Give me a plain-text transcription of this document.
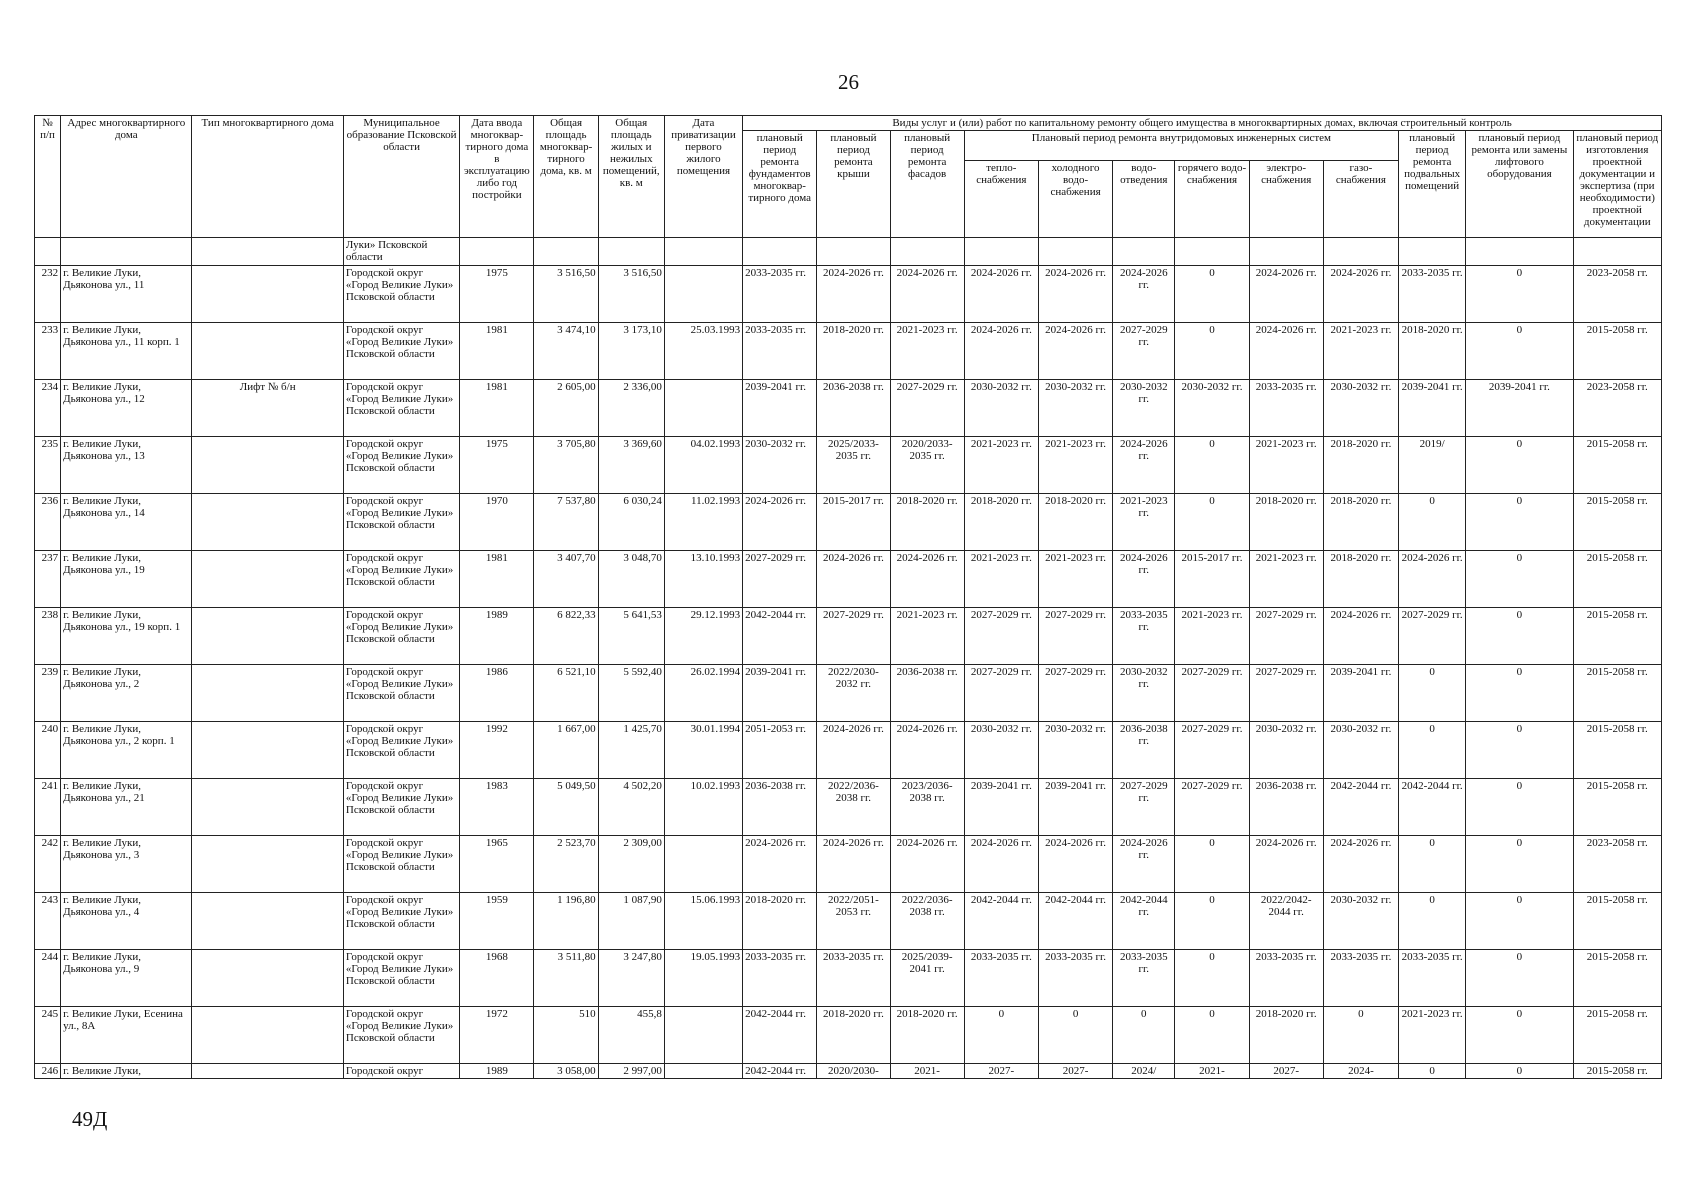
26
№ п/п	Адрес многоквартирного дома	Тип многоквартирного дома	Муниципальное образование Псковской области	Дата ввода многоквар-тирного дома в эксплуатацию либо год постройки	Общая площадь многоквар-тирного дома, кв. м	Общая площадь жилых и нежилых помещений, кв. м	Дата приватизации первого жилого помещения	Виды услуг и (или) работ по капитальному ремонту общего имущества в многоквартирных домах, включая строительный контроль											
								плановый период ремонта фундаментов многоквар-тирного дома	плановый период ремонта крыши	плановый период ремонта фасадов	Плановый период ремонта внутридомовых инженерных систем						плановый период ремонта подвальных помещений	плановый период ремонта или замены лифтового оборудования	плановый период изготовления проектной документации и экспертиза (при необходимости) проектной документации
											тепло-снабжения	холодного водо-снабжения	водо-отведения	горячего водо-снабжения	электро-снабжения	газо-снабжения			
			Луки» Псковской области																
232	г. Великие Луки, Дьяконова ул., 11		Городской округ «Город Великие Луки» Псковской области	1975	3 516,50	3 516,50		2033-2035 гг.	2024-2026 гг.	2024-2026 гг.	2024-2026 гг.	2024-2026 гг.	2024-2026 гг.	0	2024-2026 гг.	2024-2026 гг.	2033-2035 гг.	0	2023-2058 гг.
233	г. Великие Луки, Дьяконова ул., 11 корп. 1		Городской округ «Город Великие Луки» Псковской области	1981	3 474,10	3 173,10	25.03.1993	2033-2035 гг.	2018-2020 гг.	2021-2023 гг.	2024-2026 гг.	2024-2026 гг.	2027-2029 гг.	0	2024-2026 гг.	2021-2023 гг.	2018-2020 гг.	0	2015-2058 гг.
234	г. Великие Луки, Дьяконова ул., 12	Лифт № б/н	Городской округ «Город Великие Луки» Псковской области	1981	2 605,00	2 336,00		2039-2041 гг.	2036-2038 гг.	2027-2029 гг.	2030-2032 гг.	2030-2032 гг.	2030-2032 гг.	2030-2032 гг.	2033-2035 гг.	2030-2032 гг.	2039-2041 гг.	2039-2041 гг.	2023-2058 гг.
235	г. Великие Луки, Дьяконова ул., 13		Городской округ «Город Великие Луки» Псковской области	1975	3 705,80	3 369,60	04.02.1993	2030-2032 гг.	2025/2033-2035 гг.	2020/2033-2035 гг.	2021-2023 гг.	2021-2023 гг.	2024-2026 гг.	0	2021-2023 гг.	2018-2020 гг.	2019/	0	2015-2058 гг.
236	г. Великие Луки, Дьяконова ул., 14		Городской округ «Город Великие Луки» Псковской области	1970	7 537,80	6 030,24	11.02.1993	2024-2026 гг.	2015-2017 гг.	2018-2020 гг.	2018-2020 гг.	2018-2020 гг.	2021-2023 гг.	0	2018-2020 гг.	2018-2020 гг.	0	0	2015-2058 гг.
237	г. Великие Луки, Дьяконова ул., 19		Городской округ «Город Великие Луки» Псковской области	1981	3 407,70	3 048,70	13.10.1993	2027-2029 гг.	2024-2026 гг.	2024-2026 гг.	2021-2023 гг.	2021-2023 гг.	2024-2026 гг.	2015-2017 гг.	2021-2023 гг.	2018-2020 гг.	2024-2026 гг.	0	2015-2058 гг.
238	г. Великие Луки, Дьяконова ул., 19 корп. 1		Городской округ «Город Великие Луки» Псковской области	1989	6 822,33	5 641,53	29.12.1993	2042-2044 гг.	2027-2029 гг.	2021-2023 гг.	2027-2029 гг.	2027-2029 гг.	2033-2035 гг.	2021-2023 гг.	2027-2029 гг.	2024-2026 гг.	2027-2029 гг.	0	2015-2058 гг.
239	г. Великие Луки, Дьяконова ул., 2		Городской округ «Город Великие Луки» Псковской области	1986	6 521,10	5 592,40	26.02.1994	2039-2041 гг.	2022/2030-2032 гг.	2036-2038 гг.	2027-2029 гг.	2027-2029 гг.	2030-2032 гг.	2027-2029 гг.	2027-2029 гг.	2039-2041 гг.	0	0	2015-2058 гг.
240	г. Великие Луки, Дьяконова ул., 2 корп. 1		Городской округ «Город Великие Луки» Псковской области	1992	1 667,00	1 425,70	30.01.1994	2051-2053 гг.	2024-2026 гг.	2024-2026 гг.	2030-2032 гг.	2030-2032 гг.	2036-2038 гг.	2027-2029 гг.	2030-2032 гг.	2030-2032 гг.	0	0	2015-2058 гг.
241	г. Великие Луки, Дьяконова ул., 21		Городской округ «Город Великие Луки» Псковской области	1983	5 049,50	4 502,20	10.02.1993	2036-2038 гг.	2022/2036-2038 гг.	2023/2036-2038 гг.	2039-2041 гг.	2039-2041 гг.	2027-2029 гг.	2027-2029 гг.	2036-2038 гг.	2042-2044 гг.	2042-2044 гг.	0	2015-2058 гг.
242	г. Великие Луки, Дьяконова ул., 3		Городской округ «Город Великие Луки» Псковской области	1965	2 523,70	2 309,00		2024-2026 гг.	2024-2026 гг.	2024-2026 гг.	2024-2026 гг.	2024-2026 гг.	2024-2026 гг.	0	2024-2026 гг.	2024-2026 гг.	0	0	2023-2058 гг.
243	г. Великие Луки, Дьяконова ул., 4		Городской округ «Город Великие Луки» Псковской области	1959	1 196,80	1 087,90	15.06.1993	2018-2020 гг.	2022/2051-2053 гг.	2022/2036-2038 гг.	2042-2044 гг.	2042-2044 гг.	2042-2044 гг.	0	2022/2042-2044 гг.	2030-2032 гг.	0	0	2015-2058 гг.
244	г. Великие Луки, Дьяконова ул., 9		Городской округ «Город Великие Луки» Псковской области	1968	3 511,80	3 247,80	19.05.1993	2033-2035 гг.	2033-2035 гг.	2025/2039-2041 гг.	2033-2035 гг.	2033-2035 гг.	2033-2035 гг.	0	2033-2035 гг.	2033-2035 гг.	2033-2035 гг.	0	2015-2058 гг.
245	г. Великие Луки, Есенина ул., 8А		Городской округ «Город Великие Луки» Псковской области	1972	510	455,8		2042-2044 гг.	2018-2020 гг.	2018-2020 гг.	0	0	0	0	2018-2020 гг.	0	2021-2023 гг.	0	2015-2058 гг.
246	г. Великие Луки,		Городской округ	1989	3 058,00	2 997,00		2042-2044 гг.	2020/2030-	2021-	2027-	2027-	2024/	2021-	2027-	2024-	0	0	2015-2058 гг.
49Д
